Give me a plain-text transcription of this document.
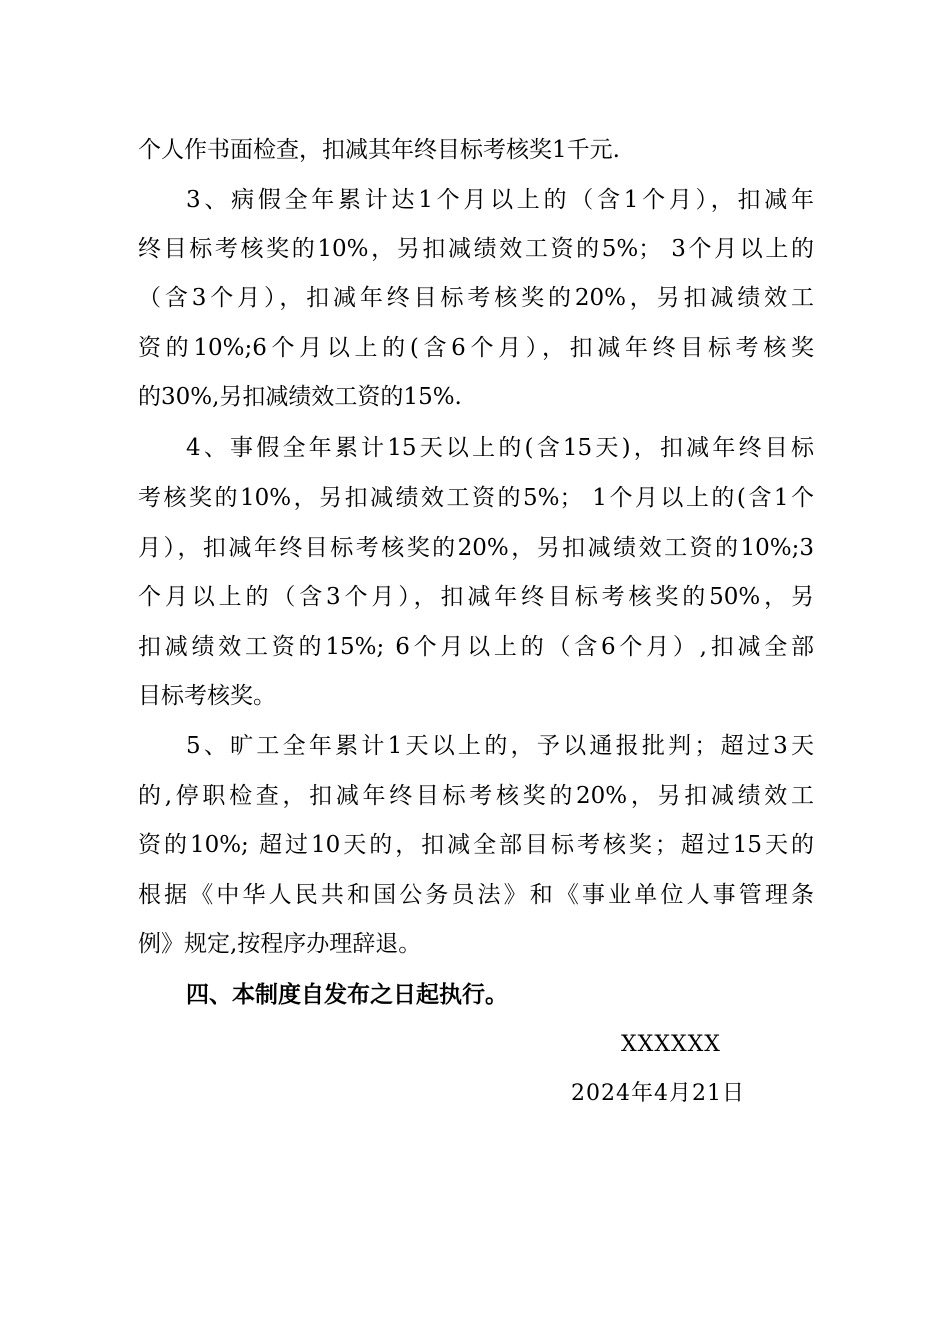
个人作书面检查，扣减其年终目标考核奖1千元.
3、病假全年累计达1个月以上的（含1个月），扣减年
终目标考核奖的10%，另扣减绩效工资的5%； 3个月以上的
（含3个月），扣减年终目标考核奖的20%，另扣减绩效工
资的10%;6个月以上的(含6个月），扣减年终目标考核奖
的30%,另扣减绩效工资的15%.
4、事假全年累计15天以上的(含15天)，扣减年终目标
考核奖的10%，另扣减绩效工资的5%； 1个月以上的(含1个
月），扣减年终目标考核奖的20%，另扣减绩效工资的10%;3
个月以上的（含3个月），扣减年终目标考核奖的50%，另
扣减绩效工资的15%; 6个月以上的（含6个月）,扣减全部
目标考核奖。
5、旷工全年累计1天以上的，予以通报批判；超过3天
的,停职检查，扣减年终目标考核奖的20%，另扣减绩效工
资的10%; 超过10天的，扣减全部目标考核奖；超过15天的
根据《中华人民共和国公务员法》和《事业单位人事管理条
例》规定,按程序办理辞退。
四、本制度自发布之日起执行。
XXXXXX
2024年4月21日
